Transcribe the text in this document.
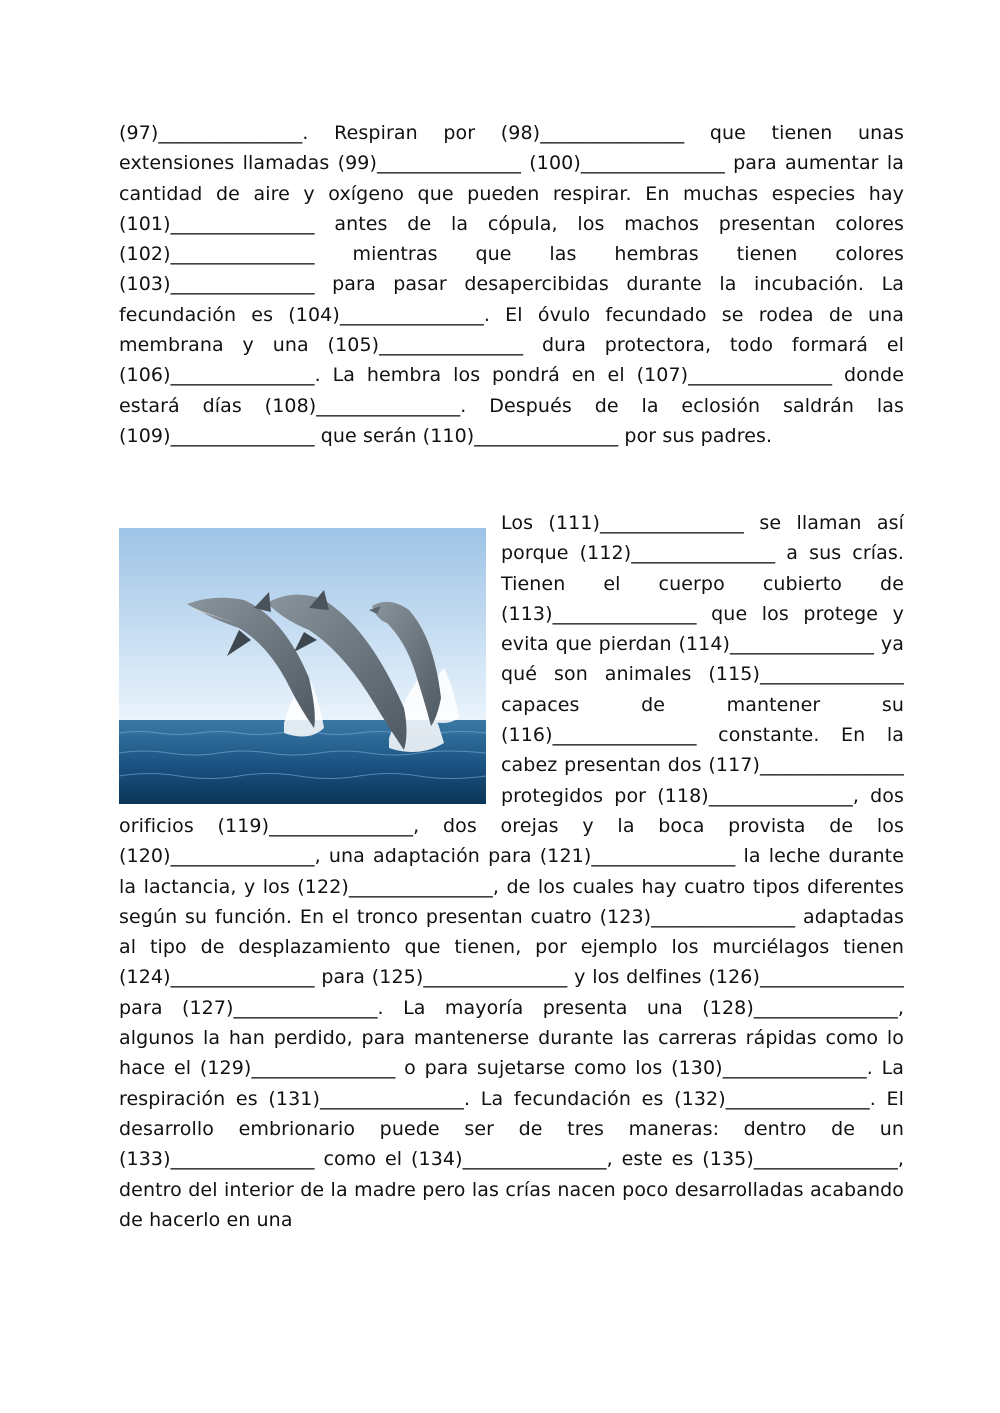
(97)_______________. Respiran por (98)_______________ que tienen unas extensiones llamadas (99)_______________ (100)_______________ para aumentar la cantidad de aire y oxígeno que pueden respirar. En muchas especies hay (101)_______________ antes de la cópula, los machos presentan colores (102)_______________ mientras que las hembras tienen colores (103)_______________ para pasar desapercibidas durante la incubación. La fecundación es (104)_______________. El óvulo fecundado se rodea de una membrana y una (105)_______________ dura protectora, todo formará el (106)_______________. La hembra los pondrá en el (107)_______________ donde estará días (108)_______________. Después de la eclosión saldrán las (109)_______________ que serán (110)_______________ por sus padres.

Los (111)_______________ se llaman así porque (112)_______________ a sus crías. Tienen el cuerpo cubierto de (113)_______________ que los protege y evita que pierdan (114)_______________ ya qué son animales (115)_______________ capaces de mantener su (116)_______________ constante. En la cabez presentan dos (117)_______________ protegidos por (118)_______________, dos orificios (119)_______________, dos orejas y la boca provista de los (120)_______________, una adaptación para (121)_______________ la leche durante la lactancia, y los (122)_______________, de los cuales hay cuatro tipos diferentes según su función. En el tronco presentan cuatro (123)_______________ adaptadas al tipo de desplazamiento que tienen, por ejemplo los murciélagos tienen (124)_______________ para (125)_______________ y los delfines (126)_______________ para (127)_______________. La mayoría presenta una (128)_______________, algunos la han perdido, para mantenerse durante las carreras rápidas como lo hace el (129)_______________ o para sujetarse como los (130)_______________. La respiración es (131)_______________. La fecundación es (132)_______________. El desarrollo embrionario puede ser de tres maneras: dentro de un (133)_______________ como el (134)_______________, este es (135)_______________, dentro del interior de la madre pero las crías nacen poco desarrolladas acabando de hacerlo en una
